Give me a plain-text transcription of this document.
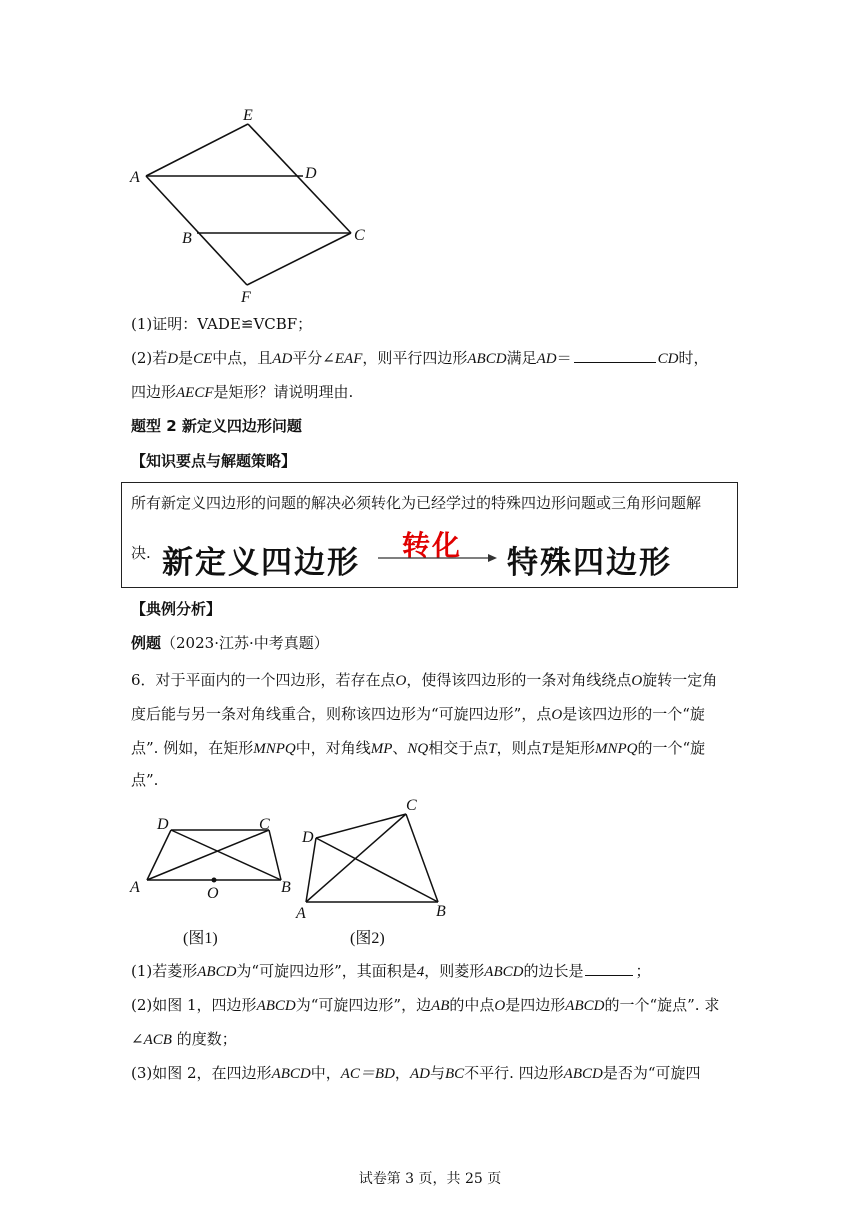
E
A	D
B	C
F
(1)证明：VADE≌VCBF；
(2)若D是CE中点，且AD平分∠EAF，则平行四边形ABCD满足AD＝	CD时，
四边形AECF是矩形？请说明理由.
题型 2 新定义四边形问题
【知识要点与解题策略】
所有新定义四边形的问题的解决必须转化为已经学过的特殊四边形问题或三角形问题解
决. 新定义四边形 转化 特殊四边形
【典例分析】
例题（2023·江苏·中考真题）
6．对于平面内的一个四边形，若存在点O，使得该四边形的一条对角线绕点O旋转一定角
度后能与另一条对角线重合，则称该四边形为“可旋四边形”，点O是该四边形的一个“旋
点”. 例如，在矩形MNPQ中，对角线MP、NQ相交于点T，则点T是矩形MNPQ的一个“旋
点”.
D	C
A	O	B
(图1)
C
D
A	B
(图2)
(1)若菱形ABCD为“可旋四边形”，其面积是4，则菱形ABCD的边长是	；
(2)如图 1，四边形ABCD为“可旋四边形”，边AB的中点O是四边形ABCD的一个“旋点”. 求
∠ACB 的度数；
(3)如图 2，在四边形ABCD中，AC＝BD，AD与BC不平行. 四边形ABCD是否为“可旋四
试卷第 3 页，共 25 页
